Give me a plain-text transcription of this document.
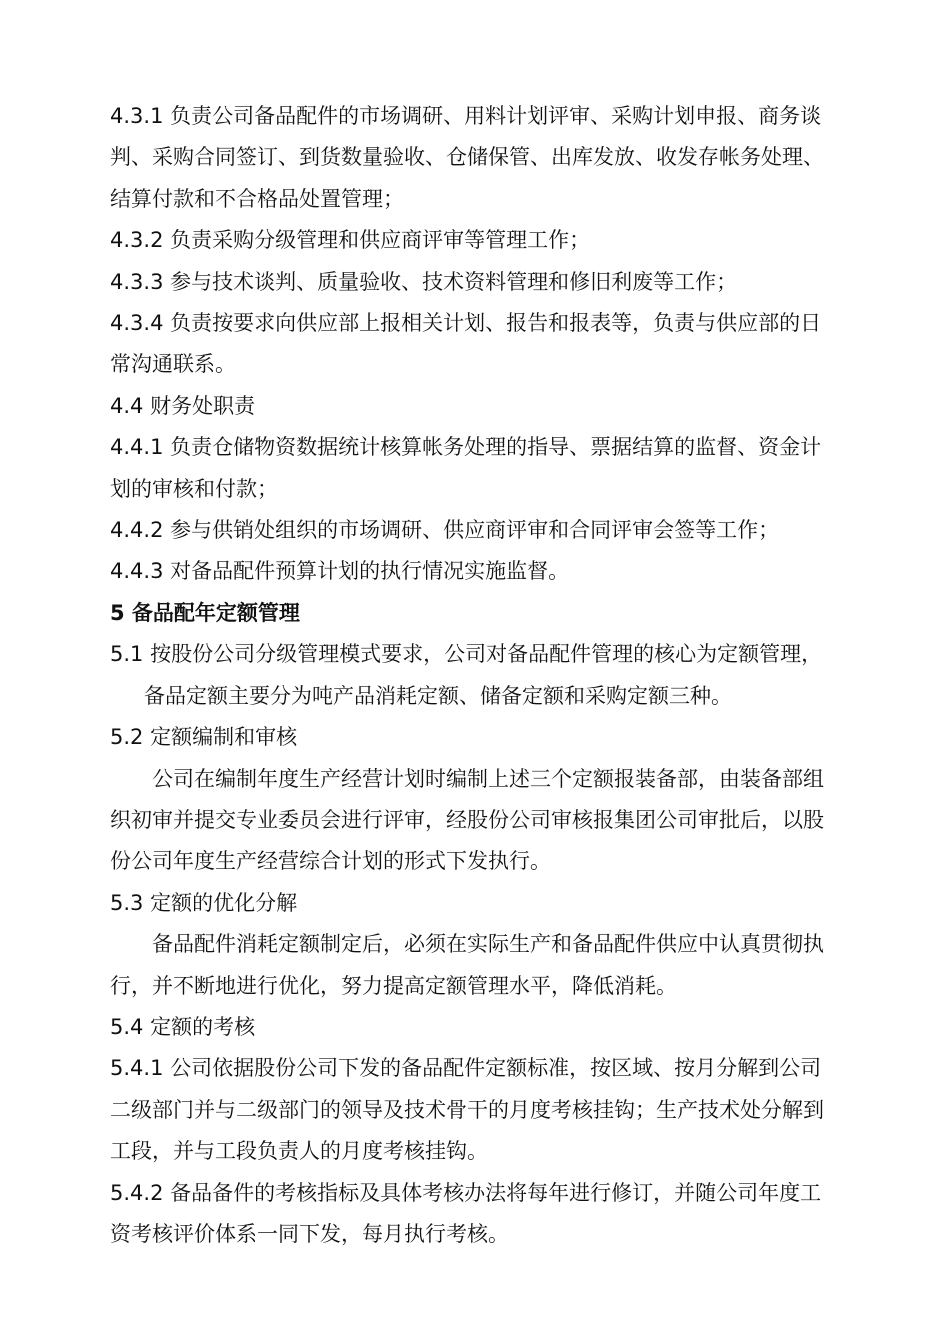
4.3.1 负责公司备品配件的市场调研、用料计划评审、采购计划申报、商务谈判、采购合同签订、到货数量验收、仓储保管、出库发放、收发存帐务处理、结算付款和不合格品处置管理；

4.3.2 负责采购分级管理和供应商评审等管理工作；

4.3.3 参与技术谈判、质量验收、技术资料管理和修旧利废等工作；

4.3.4 负责按要求向供应部上报相关计划、报告和报表等，负责与供应部的日常沟通联系。

4.4 财务处职责

4.4.1 负责仓储物资数据统计核算帐务处理的指导、票据结算的监督、资金计划的审核和付款；

4.4.2 参与供销处组织的市场调研、供应商评审和合同评审会签等工作；

4.4.3 对备品配件预算计划的执行情况实施监督。

5 备品配年定额管理

5.1 按股份公司分级管理模式要求，公司对备品配件管理的核心为定额管理，备品定额主要分为吨产品消耗定额、储备定额和采购定额三种。

5.2 定额编制和审核

公司在编制年度生产经营计划时编制上述三个定额报装备部，由装备部组织初审并提交专业委员会进行评审，经股份公司审核报集团公司审批后，以股份公司年度生产经营综合计划的形式下发执行。

5.3 定额的优化分解

备品配件消耗定额制定后，必须在实际生产和备品配件供应中认真贯彻执行，并不断地进行优化，努力提高定额管理水平，降低消耗。

5.4 定额的考核

5.4.1 公司依据股份公司下发的备品配件定额标准，按区域、按月分解到公司二级部门并与二级部门的领导及技术骨干的月度考核挂钩；生产技术处分解到工段，并与工段负责人的月度考核挂钩。

5.4.2 备品备件的考核指标及具体考核办法将每年进行修订，并随公司年度工资考核评价体系一同下发，每月执行考核。
